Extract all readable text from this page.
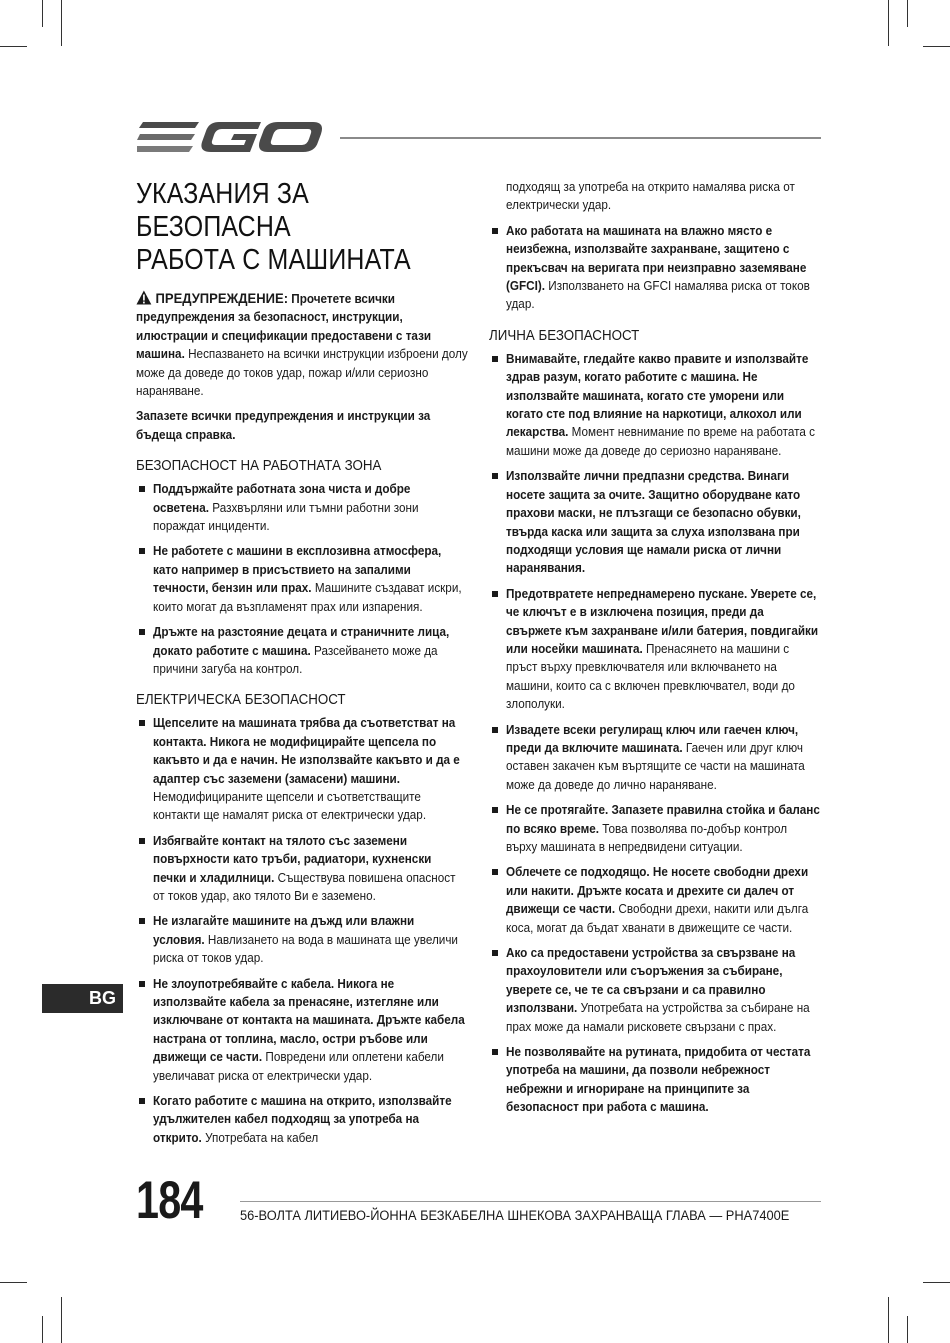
УКАЗАНИЯ ЗА БЕЗОПАСНА
РАБОТА С МАШИНАТА

ПРЕДУПРЕЖДЕНИЕ: Прочетете всички предупреждения за безопасност, инструкции, илюстрации и спецификации предоставени с тази машина. Неспазването на всички инструкции изброени долу може да доведе до токов удар, пожар и/или сериозно нараняване.

Запазете всички предупреждения и инструкции за бъдеща справка.

БЕЗОПАСНОСТ НА РАБОТНАТА ЗОНА
Поддържайте работната зона чиста и добре осветена. Разхвърляни или тъмни работни зони пораждат инциденти.
Не работете с машини в експлозивна атмосфера, като например в присъствието на запалими течности, бензин или прах. Машините създават искри, които могат да възпламенят прах или изпарения.
Дръжте на разстояние децата и страничните лица, докато работите с машина. Разсейването може да причини загуба на контрол.
ЕЛЕКТРИЧЕСКА БЕЗОПАСНОСТ
Щепселите на машината трябва да съответстват на контакта. Никога не модифицирайте щепсела по какъвто и да е начин. Не използвайте какъвто и да е адаптер със заземени (замасени) машини. Немодифицираните щепсели и съответстващите контакти ще намалят риска от електрически удар.
Избягвайте контакт на тялото със заземени повърхности като тръби, радиатори, кухненски печки и хладилници. Съществува повишена опасност от токов удар, ако тялото Ви е заземено.
Не излагайте машините на дъжд или влажни условия. Навлизането на вода в машината ще увеличи риска от токов удар.
Не злоупотребявайте с кабела. Никога не използвайте кабела за пренасяне, изтегляне или изключване от контакта на машината. Дръжте кабела настрана от топлина, масло, остри ръбове или движещи се части. Повредени или оплетени кабели увеличават риска от електрически удар.
Когато работите с машина на открито, използвайте удължителен кабел подходящ за употреба на открито. Употребата на кабел

подходящ за употреба на открито намалява риска от електрически удар.

Ако работата на машината на влажно място е неизбежна, използвайте захранване, защитено с прекъсвач на веригата при неизправно заземяване (GFCI). Използването на GFCI намалява риска от токов удар.
ЛИЧНА БЕЗОПАСНОСТ
Внимавайте, гледайте какво правите и използвайте здрав разум, когато работите с машина. Не използвайте машината, когато сте уморени или когато сте под влияние на наркотици, алкохол или лекарства. Момент невнимание по време на работата с машини може да доведе до сериозно нараняване.
Използвайте лични предпазни средства. Винаги носете защита за очите. Защитно оборудване като прахови маски, не плъзгащи се безопасно обувки, твърда каска или защита за слуха използвана при подходящи условия ще намали риска от лични наранявания.
Предотвратете непреднамерено пускане. Уверете се, че ключът е в изключена позиция, преди да свържете към захранване и/или батерия, повдигайки или носейки машината. Пренасянето на машини с пръст върху превключвателя или включването на машини, които са с включен превключвател, води до злополуки.
Извадете всеки регулиращ ключ или гаечен ключ, преди да включите машината. Гаечен или друг ключ оставен закачен към въртящите се части на машината може да доведе до лично нараняване.
Не се протягайте. Запазете правилна стойка и баланс по всяко време. Това позволява по-добър контрол върху машината в непредвидени ситуации.
Облечете се подходящо. Не носете свободни дрехи или накити. Дръжте косата и дрехите си далеч от движещи се части. Свободни дрехи, накити или дълга коса, могат да бъдат хванати в движещите се части.
Ако са предоставени устройства за свързване на прахоуловители или съоръжения за събиране, уверете се, че те са свързани и са правилно използвани. Употребата на устройства за събиране на прах може да намали рисковете свързани с прах.
Не позволявайте на рутината, придобита от честата употреба на машини, да позволи небрежност небрежни и игнориране на принципите за безопасност при работа с машина.
BG
184	56-ВОЛТА ЛИТИЕВО-ЙОННА БЕЗКАБЕЛНА ШНЕКОВА ЗАХРАНВАЩА ГЛАВА — PHA7400E
